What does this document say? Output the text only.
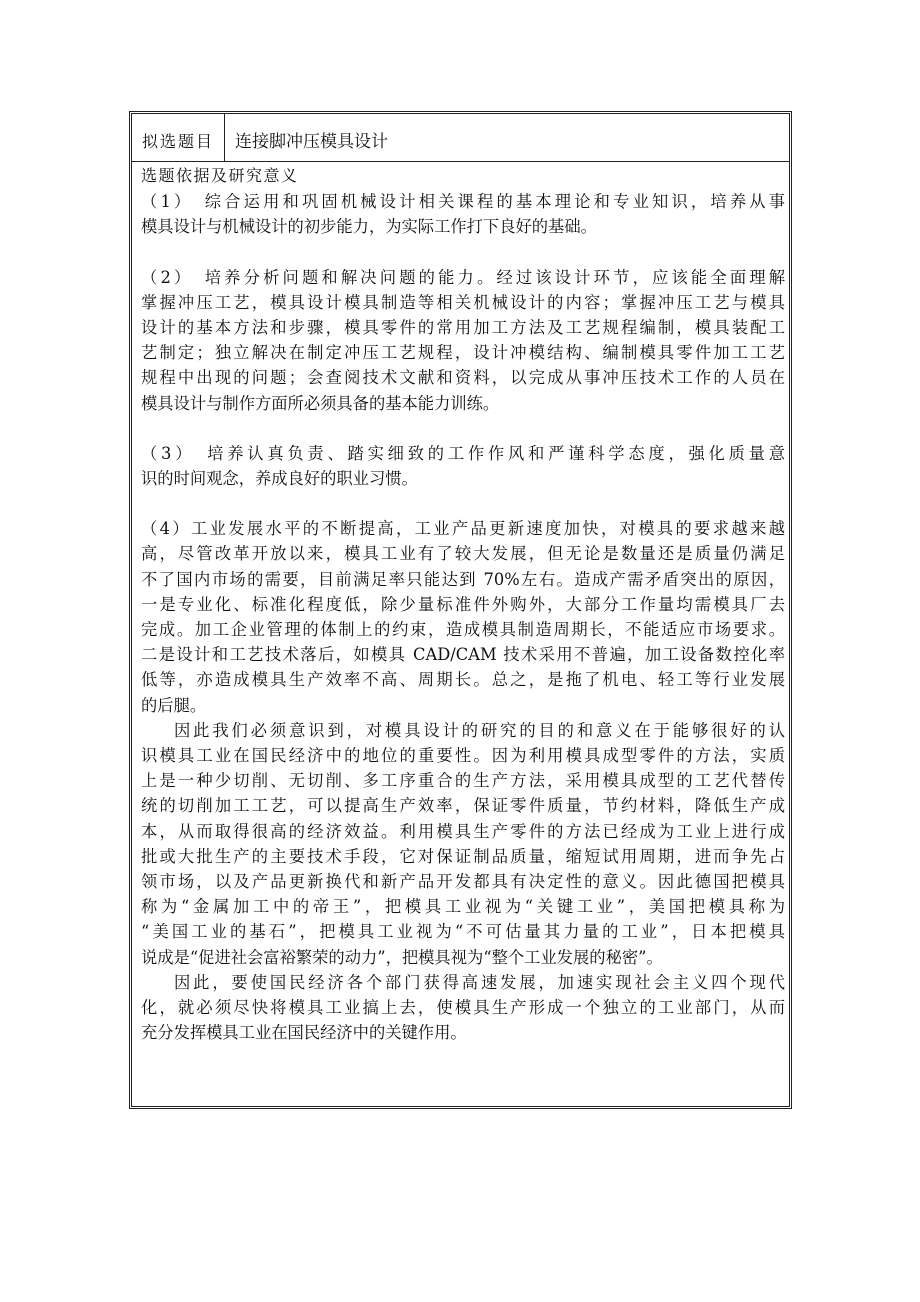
拟选题目 连接脚冲压模具设计
选题依据及研究意义

（1）　综合运用和巩固机械设计相关课程的基本理论和专业知识，培养从事
模具设计与机械设计的初步能力，为实际工作打下良好的基础。

（2）　培养分析问题和解决问题的能力。经过该设计环节，应该能全面理解
掌握冲压工艺，模具设计模具制造等相关机械设计的内容；掌握冲压工艺与模具
设计的基本方法和步骤，模具零件的常用加工方法及工艺规程编制，模具装配工
艺制定；独立解决在制定冲压工艺规程，设计冲模结构、编制模具零件加工工艺
规程中出现的问题；会查阅技术文献和资料，以完成从事冲压技术工作的人员在
模具设计与制作方面所必须具备的基本能力训练。

（3）　培养认真负责、踏实细致的工作作风和严谨科学态度，强化质量意
识的时间观念，养成良好的职业习惯。

（4）工业发展水平的不断提高，工业产品更新速度加快，对模具的要求越来越
高，尽管改革开放以来，模具工业有了较大发展，但无论是数量还是质量仍满足
不了国内市场的需要，目前满足率只能达到 70%左右。造成产需矛盾突出的原因，
一是专业化、标准化程度低，除少量标准件外购外，大部分工作量均需模具厂去
完成。加工企业管理的体制上的约束，造成模具制造周期长，不能适应市场要求。
二是设计和工艺技术落后，如模具 CAD/CAM 技术采用不普遍，加工设备数控化率
低等，亦造成模具生产效率不高、周期长。总之，是拖了机电、轻工等行业发展
的后腿。

因此我们必须意识到，对模具设计的研究的目的和意义在于能够很好的认
识模具工业在国民经济中的地位的重要性。因为利用模具成型零件的方法，实质
上是一种少切削、无切削、多工序重合的生产方法，采用模具成型的工艺代替传
统的切削加工工艺，可以提高生产效率，保证零件质量，节约材料，降低生产成
本，从而取得很高的经济效益。利用模具生产零件的方法已经成为工业上进行成
批或大批生产的主要技术手段，它对保证制品质量，缩短试用周期，进而争先占
领市场，以及产品更新换代和新产品开发都具有决定性的意义。因此德国把模具
称为“金属加工中的帝王”，把模具工业视为“关键工业”，美国把模具称为
“美国工业的基石”，把模具工业视为“不可估量其力量的工业”，日本把模具
说成是“促进社会富裕繁荣的动力”，把模具视为“整个工业发展的秘密”。

因此，要使国民经济各个部门获得高速发展，加速实现社会主义四个现代
化，就必须尽快将模具工业搞上去，使模具生产形成一个独立的工业部门，从而
充分发挥模具工业在国民经济中的关键作用。
